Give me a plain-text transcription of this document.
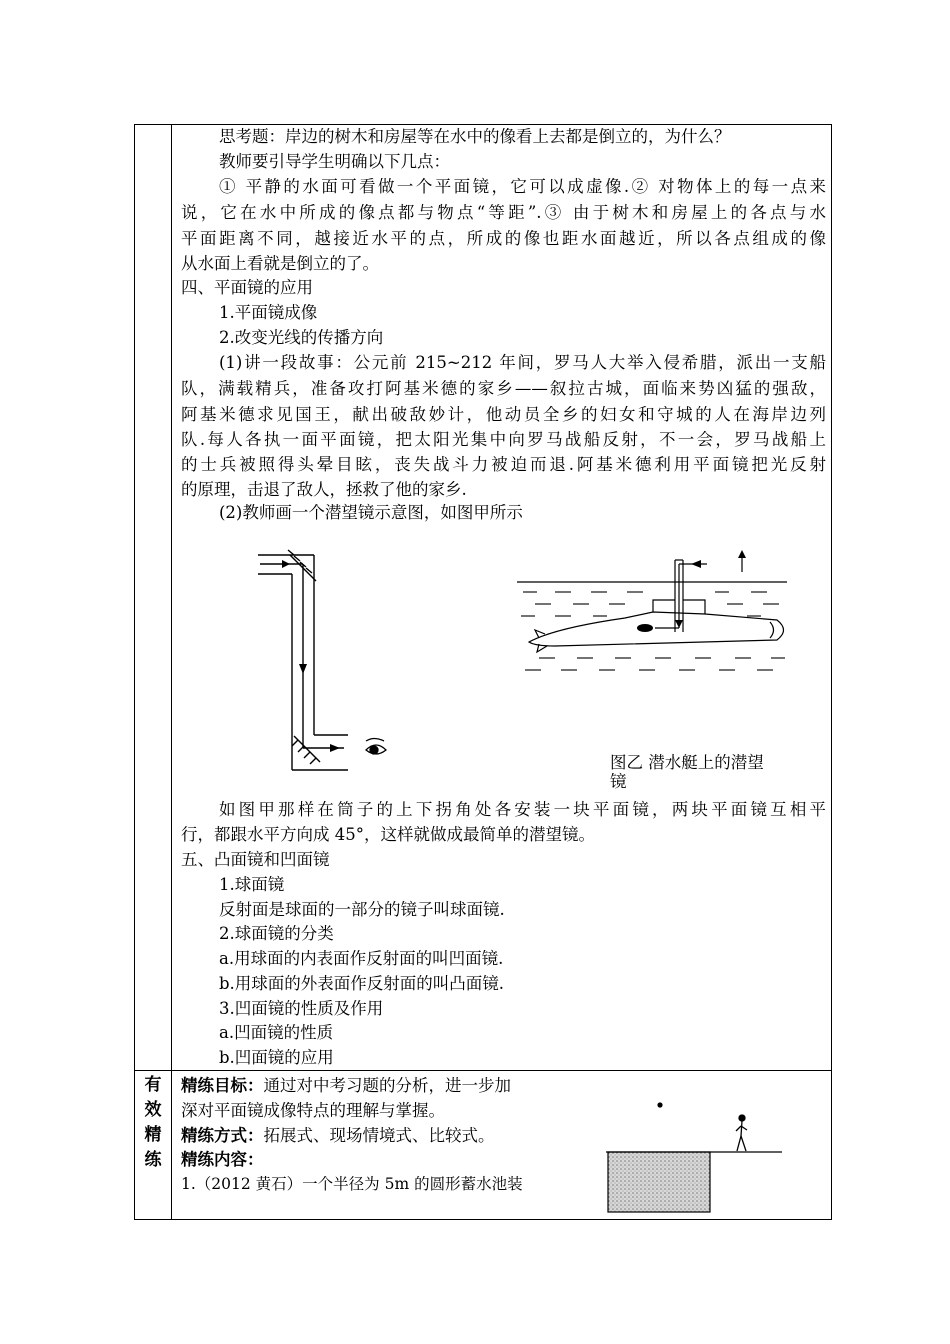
思考题：岸边的树木和房屋等在水中的像看上去都是倒立的，为什么？
教师要引导学生明确以下几点：
① 平静的水面可看做一个平面镜，它可以成虚像.② 对物体上的每一点来
说，它在水中所成的像点都与物点“等距”.③ 由于树木和房屋上的各点与水
平面距离不同，越接近水平的点，所成的像也距水面越近，所以各点组成的像
从水面上看就是倒立的了。
四、平面镜的应用
1.平面镜成像
2.改变光线的传播方向
(1)讲一段故事：公元前 215~212 年间，罗马人大举入侵希腊，派出一支船
队，满载精兵，准备攻打阿基米德的家乡——叙拉古城，面临来势凶猛的强敌，
阿基米德求见国王，献出破敌妙计，他动员全乡的妇女和守城的人在海岸边列
队.每人各执一面平面镜，把太阳光集中向罗马战船反射，不一会，罗马战船上
的士兵被照得头晕目眩，丧失战斗力被迫而退.阿基米德利用平面镜把光反射
的原理，击退了敌人，拯救了他的家乡.
(2)教师画一个潜望镜示意图，如图甲所示
图乙 潜水艇上的潜望
镜
如图甲那样在筒子的上下拐角处各安装一块平面镜，两块平面镜互相平
行，都跟水平方向成 45°，这样就做成最简单的潜望镜。
五、凸面镜和凹面镜
1.球面镜
反射面是球面的一部分的镜子叫球面镜.
2.球面镜的分类
a.用球面的内表面作反射面的叫凹面镜.
b.用球面的外表面作反射面的叫凸面镜.
3.凹面镜的性质及作用
a.凹面镜的性质
b.凹面镜的应用
有
效
精
练
精练目标：通过对中考习题的分析，进一步加
深对平面镜成像特点的理解与掌握。
精练方式：拓展式、现场情境式、比较式。
精练内容：
1.（2012 黄石）一个半径为 5m 的圆形蓄水池装
